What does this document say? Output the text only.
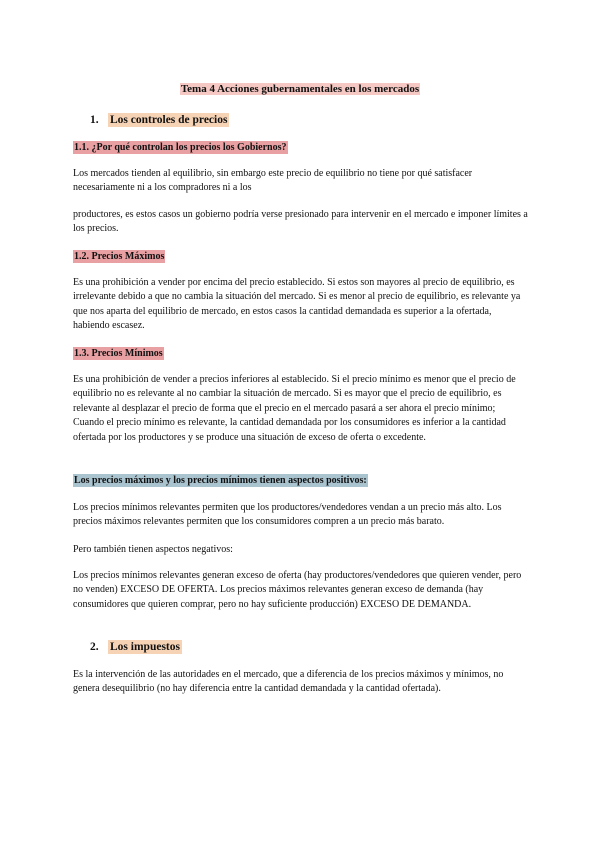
Tema 4 Acciones gubernamentales en los mercados
1. Los controles de precios
1.1. ¿Por qué controlan los precios los Gobiernos?

Los mercados tienden al equilibrio, sin embargo este precio de equilibrio no tiene por qué satisfacer necesariamente ni a los compradores ni a los

productores, es estos casos un gobierno podría verse presionado para intervenir en el mercado e imponer límites a los precios.

1.2. Precios Máximos

Es una prohibición a vender por encima del precio establecido. Si estos son mayores al precio de equilibrio, es irrelevante debido a que no cambia la situación del mercado. Si es menor al precio de equilibrio, es relevante ya que nos aparta del equilibrio de mercado, en estos casos la cantidad demandada es superior a la ofertada, habiendo escasez.

1.3. Precios Mínimos

Es una prohibición de vender a precios inferiores al establecido. Si el precio mínimo es menor que el precio de equilibrio no es relevante al no cambiar la situación de mercado. Si es mayor que el precio de equilibrio, es relevante al desplazar el precio de forma que el precio en el mercado pasará a ser ahora el precio mínimo; Cuando el precio mínimo es relevante, la cantidad demandada por los consumidores es inferior a la cantidad ofertada por los productores y se produce una situación de exceso de oferta o excedente.

Los precios máximos y los precios mínimos tienen aspectos positivos:

Los precios mínimos relevantes permiten que los productores/vendedores vendan a un precio más alto. Los precios máximos relevantes permiten que los consumidores compren a un precio más barato.

Pero también tienen aspectos negativos:

Los precios mínimos relevantes generan exceso de oferta (hay productores/vendedores que quieren vender, pero no venden) EXCESO DE OFERTA. Los precios máximos relevantes generan exceso de demanda (hay consumidores que quieren comprar, pero no hay suficiente producción) EXCESO DE DEMANDA.

2. Los impuestos

Es la intervención de las autoridades en el mercado, que a diferencia de los precios máximos y mínimos, no genera desequilibrio (no hay diferencia entre la cantidad demandada y la cantidad ofertada).
